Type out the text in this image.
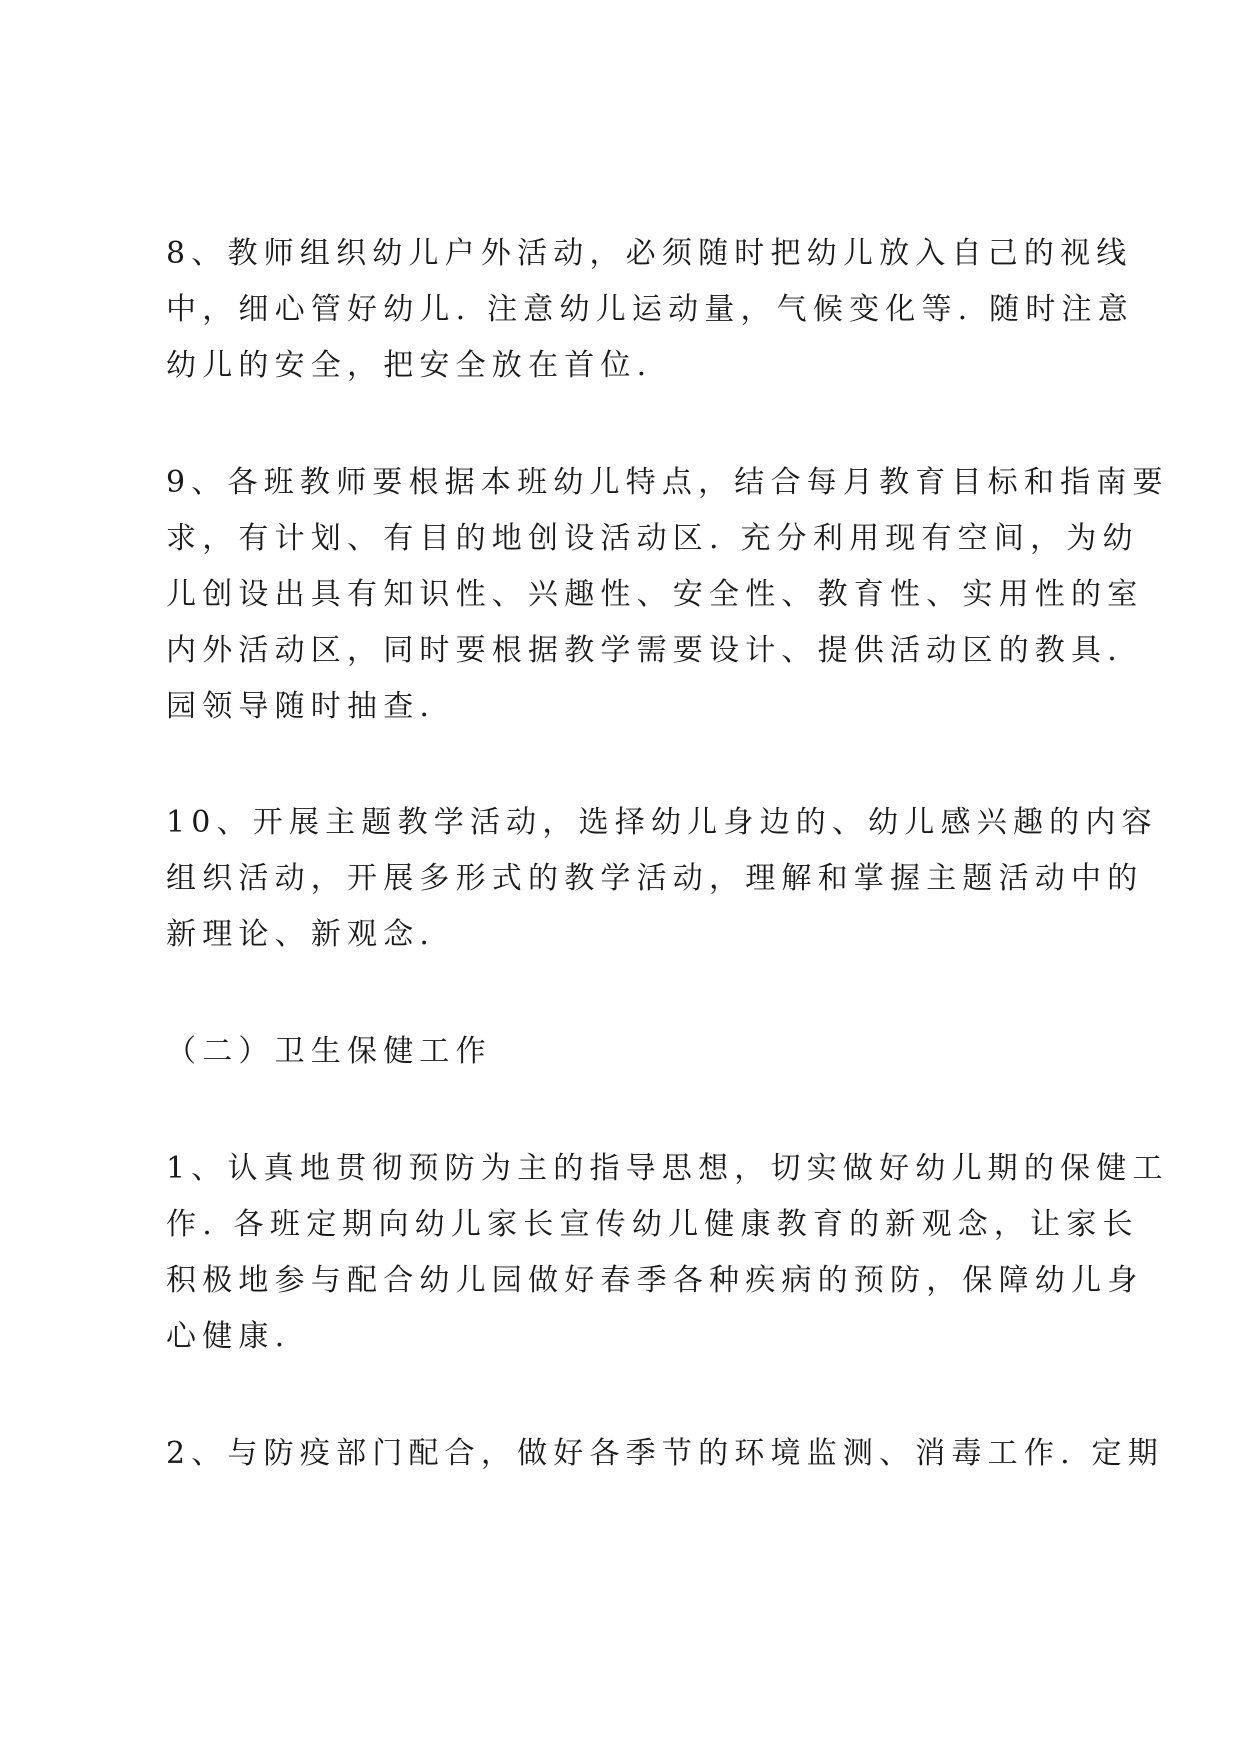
8、教师组织幼儿户外活动，必须随时把幼儿放入自己的视线
中，细心管好幼儿. 注意幼儿运动量，气候变化等. 随时注意
幼儿的安全，把安全放在首位.
9、各班教师要根据本班幼儿特点，结合每月教育目标和指南要
求，有计划、有目的地创设活动区. 充分利用现有空间，为幼
儿创设出具有知识性、兴趣性、安全性、教育性、实用性的室
内外活动区，同时要根据教学需要设计、提供活动区的教具.
园领导随时抽查.
10、开展主题教学活动，选择幼儿身边的、幼儿感兴趣的内容
组织活动，开展多形式的教学活动，理解和掌握主题活动中的
新理论、新观念.
（二）卫生保健工作
1、认真地贯彻预防为主的指导思想，切实做好幼儿期的保健工
作. 各班定期向幼儿家长宣传幼儿健康教育的新观念，让家长
积极地参与配合幼儿园做好春季各种疾病的预防，保障幼儿身
心健康.
2、与防疫部门配合，做好各季节的环境监测、消毒工作. 定期
